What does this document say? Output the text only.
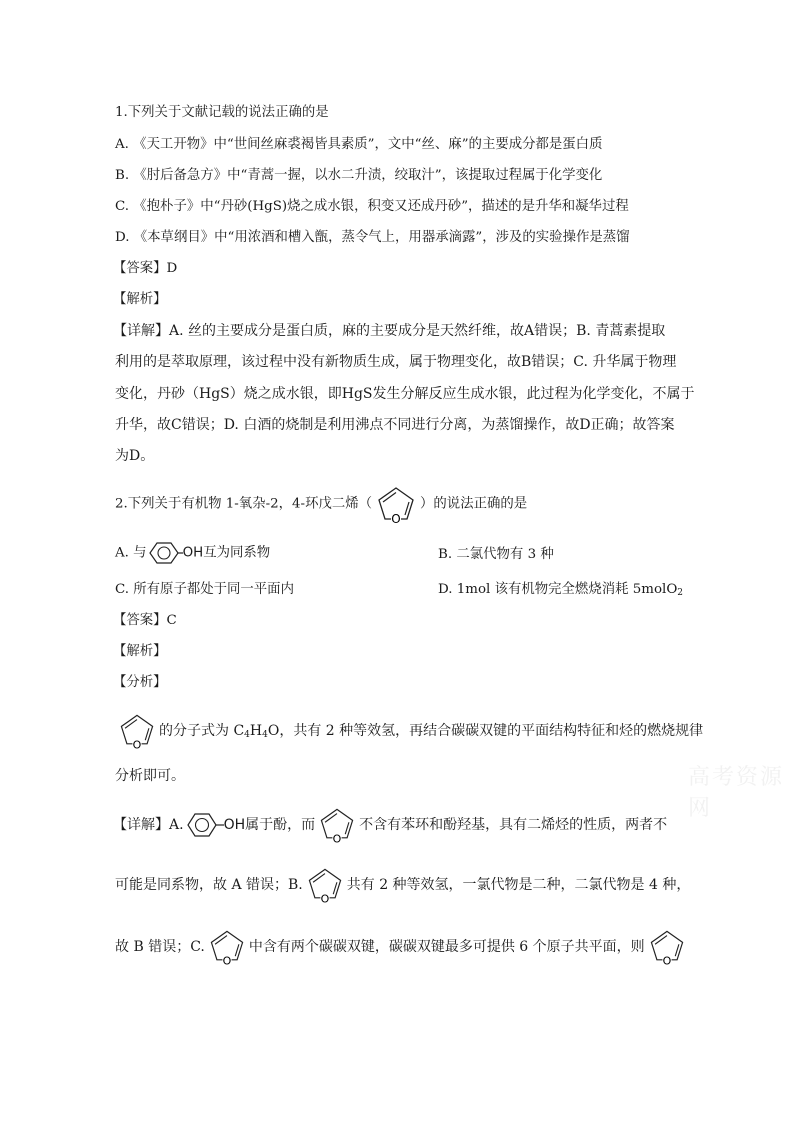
1.下列关于文献记载的说法正确的是
A. 《天工开物》中“世间丝麻裘褐皆具素质”，文中“丝、麻”的主要成分都是蛋白质
B. 《肘后备急方》中“青蒿一握，以水二升渍，绞取汁”，该提取过程属于化学变化
C. 《抱朴子》中“丹砂(HgS)烧之成水银，积变又还成丹砂”，描述的是升华和凝华过程
D. 《本草纲目》中“用浓酒和槽入甑，蒸令气上，用器承滴露”，涉及的实验操作是蒸馏
【答案】D
【解析】
【详解】A. 丝的主要成分是蛋白质，麻的主要成分是天然纤维，故A错误；B. 青蒿素提取
利用的是萃取原理，该过程中没有新物质生成，属于物理变化，故B错误；C. 升华属于物理
变化，丹砂（HgS）烧之成水银，即HgS发生分解反应生成水银，此过程为化学变化，不属于
升华，故C错误；D. 白酒的烧制是利用沸点不同进行分离，为蒸馏操作，故D正确；故答案
为D。
2.下列关于有机物 1-氧杂-2，4-环戊二烯（
O
）的说法正确的是
A. 与	OH互为同系物	B. 二氯代物有 3 种
C. 所有原子都处于同一平面内	D. 1mol 该有机物完全燃烧消耗 5molO$_2$
【答案】C
【解析】
【分析】
O
的分子式为 $C_4H_4O$，共有 2 种等效氢，再结合碳碳双键的平面结构特征和烃的燃烧规律
分析即可。	高考资源网
【详解】A.	OH属于酚，而
O
不含有苯环和酚羟基，具有二烯烃的性质，两者不
可能是同系物，故 A 错误；B.
O
共有 2 种等效氢，一氯代物是二种，二氯代物是 4 种，
故 B 错误；C.
O
中含有两个碳碳双键，碳碳双键最多可提供 6 个原子共平面，则
O
